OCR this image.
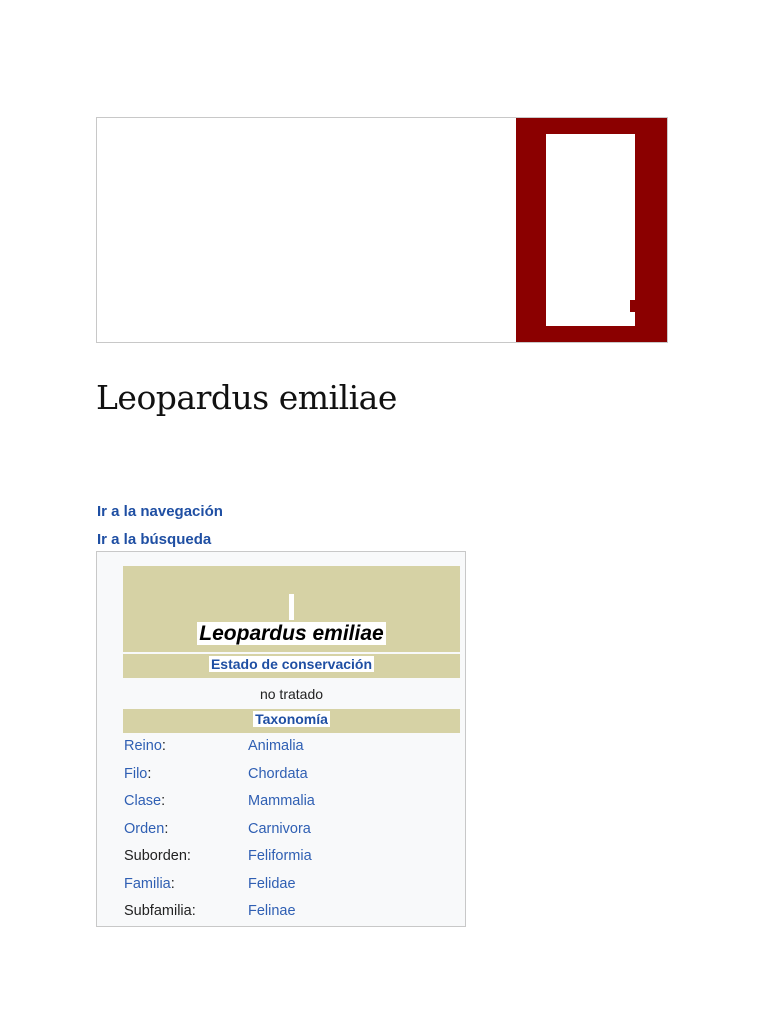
Leopardus emiliae
Ir a la navegación
Ir a la búsqueda
Leopardus emiliae
Estado de conservación
no tratado
Taxonomía
Reino:	Animalia
Filo:	Chordata
Clase:	Mammalia
Orden:	Carnivora
Suborden:	Feliformia
Familia:	Felidae
Subfamilia:	Felinae
